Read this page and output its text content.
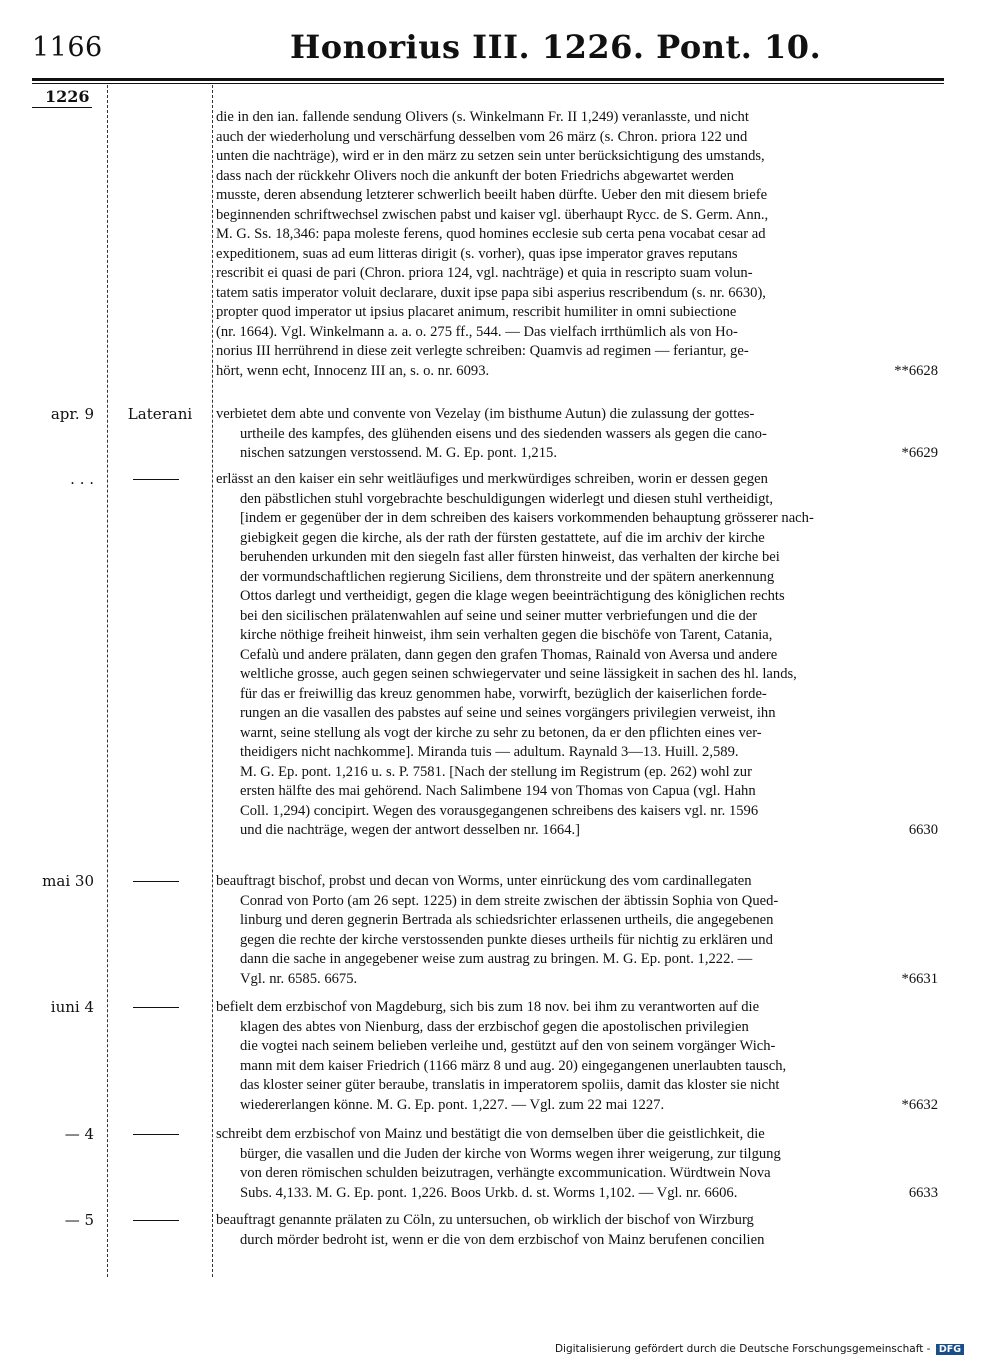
1166	Honorius III. 1226. Pont. 10.
1226
die in den ian. fallende sendung Olivers (s. Winkelmann Fr. II 1,249) veranlasste, und nicht
auch der wiederholung und verschärfung desselben vom 26 märz (s. Chron. priora 122 und
unten die nachträge), wird er in den märz zu setzen sein unter berücksichtigung des umstands,
dass nach der rückkehr Olivers noch die ankunft der boten Friedrichs abgewartet werden
musste, deren absendung letzterer schwerlich beeilt haben dürfte. Ueber den mit diesem briefe
beginnenden schriftwechsel zwischen pabst und kaiser vgl. überhaupt Rycc. de S. Germ. Ann.,
M. G. Ss. 18,346: papa moleste ferens, quod homines ecclesie sub certa pena vocabat cesar ad
expeditionem, suas ad eum litteras dirigit (s. vorher), quas ipse imperator graves reputans
rescribit ei quasi de pari (Chron. priora 124, vgl. nachträge) et quia in rescripto suam volun-
tatem satis imperator voluit declarare, duxit ipse papa sibi asperius rescribendum (s. nr. 6630),
propter quod imperator ut ipsius placaret animum, rescribit humiliter in omni subiectione
(nr. 1664). Vgl. Winkelmann a. a. o. 275 ff., 544. — Das vielfach irrthümlich als von Ho-
norius III herrührend in diese zeit verlegte schreiben: Quamvis ad regimen — feriantur, ge-
hört, wenn echt, Innocenz III an, s. o. nr. 6093.	**6628
apr. 9	Laterani	verbietet dem abte und convente von Vezelay (im bisthume Autun) die zulassung der gottes-
urtheile des kampfes, des glühenden eisens und des siedenden wassers als gegen die cano-
nischen satzungen verstossend. M. G. Ep. pont. 1,215.	*6629
. . .	erlässt an den kaiser ein sehr weitläufiges und merkwürdiges schreiben, worin er dessen gegen
den päbstlichen stuhl vorgebrachte beschuldigungen widerlegt und diesen stuhl vertheidigt,
[indem er gegenüber der in dem schreiben des kaisers vorkommenden behauptung grösserer nach-
giebigkeit gegen die kirche, als der rath der fürsten gestattete, auf die im archiv der kirche
beruhenden urkunden mit den siegeln fast aller fürsten hinweist, das verhalten der kirche bei
der vormundschaftlichen regierung Siciliens, dem thronstreite und der spätern anerkennung
Ottos darlegt und vertheidigt, gegen die klage wegen beeinträchtigung des königlichen rechts
bei den sicilischen prälatenwahlen auf seine und seiner mutter verbriefungen und die der
kirche nöthige freiheit hinweist, ihm sein verhalten gegen die bischöfe von Tarent, Catania,
Cefalù und andere prälaten, dann gegen den grafen Thomas, Rainald von Aversa und andere
weltliche grosse, auch gegen seinen schwiegervater und seine lässigkeit in sachen des hl. lands,
für das er freiwillig das kreuz genommen habe, vorwirft, bezüglich der kaiserlichen forde-
rungen an die vasallen des pabstes auf seine und seines vorgängers privilegien verweist, ihn
warnt, seine stellung als vogt der kirche zu sehr zu betonen, da er den pflichten eines ver-
theidigers nicht nachkomme]. Miranda tuis — adultum. Raynald 3—13. Huill. 2,589.
M. G. Ep. pont. 1,216 u. s. P. 7581. [Nach der stellung im Registrum (ep. 262) wohl zur
ersten hälfte des mai gehörend. Nach Salimbene 194 von Thomas von Capua (vgl. Hahn
Coll. 1,294) concipirt. Wegen des vorausgegangenen schreibens des kaisers vgl. nr. 1596
und die nachträge, wegen der antwort desselben nr. 1664.]	6630
mai 30	beauftragt bischof, probst und decan von Worms, unter einrückung des vom cardinallegaten
Conrad von Porto (am 26 sept. 1225) in dem streite zwischen der äbtissin Sophia von Qued-
linburg und deren gegnerin Bertrada als schiedsrichter erlassenen urtheils, die angegebenen
gegen die rechte der kirche verstossenden punkte dieses urtheils für nichtig zu erklären und
dann die sache in angegebener weise zum austrag zu bringen. M. G. Ep. pont. 1,222. —
Vgl. nr. 6585. 6675.	*6631
iuni 4	befielt dem erzbischof von Magdeburg, sich bis zum 18 nov. bei ihm zu verantworten auf die
klagen des abtes von Nienburg, dass der erzbischof gegen die apostolischen privilegien
die vogtei nach seinem belieben verleihe und, gestützt auf den von seinem vorgänger Wich-
mann mit dem kaiser Friedrich (1166 märz 8 und aug. 20) eingegangenen unerlaubten tausch,
das kloster seiner güter beraube, translatis in imperatorem spoliis, damit das kloster sie nicht
wiedererlangen könne. M. G. Ep. pont. 1,227. — Vgl. zum 22 mai 1227.	*6632
— 4	schreibt dem erzbischof von Mainz und bestätigt die von demselben über die geistlichkeit, die
bürger, die vasallen und die Juden der kirche von Worms wegen ihrer weigerung, zur tilgung
von deren römischen schulden beizutragen, verhängte excommunication. Würdtwein Nova
Subs. 4,133. M. G. Ep. pont. 1,226. Boos Urkb. d. st. Worms 1,102. — Vgl. nr. 6606.	6633
— 5	beauftragt genannte prälaten zu Cöln, zu untersuchen, ob wirklich der bischof von Wirzburg
durch mörder bedroht ist, wenn er die von dem erzbischof von Mainz berufenen concilien
Digitalisierung gefördert durch die Deutsche Forschungsgemeinschaft - DFG
